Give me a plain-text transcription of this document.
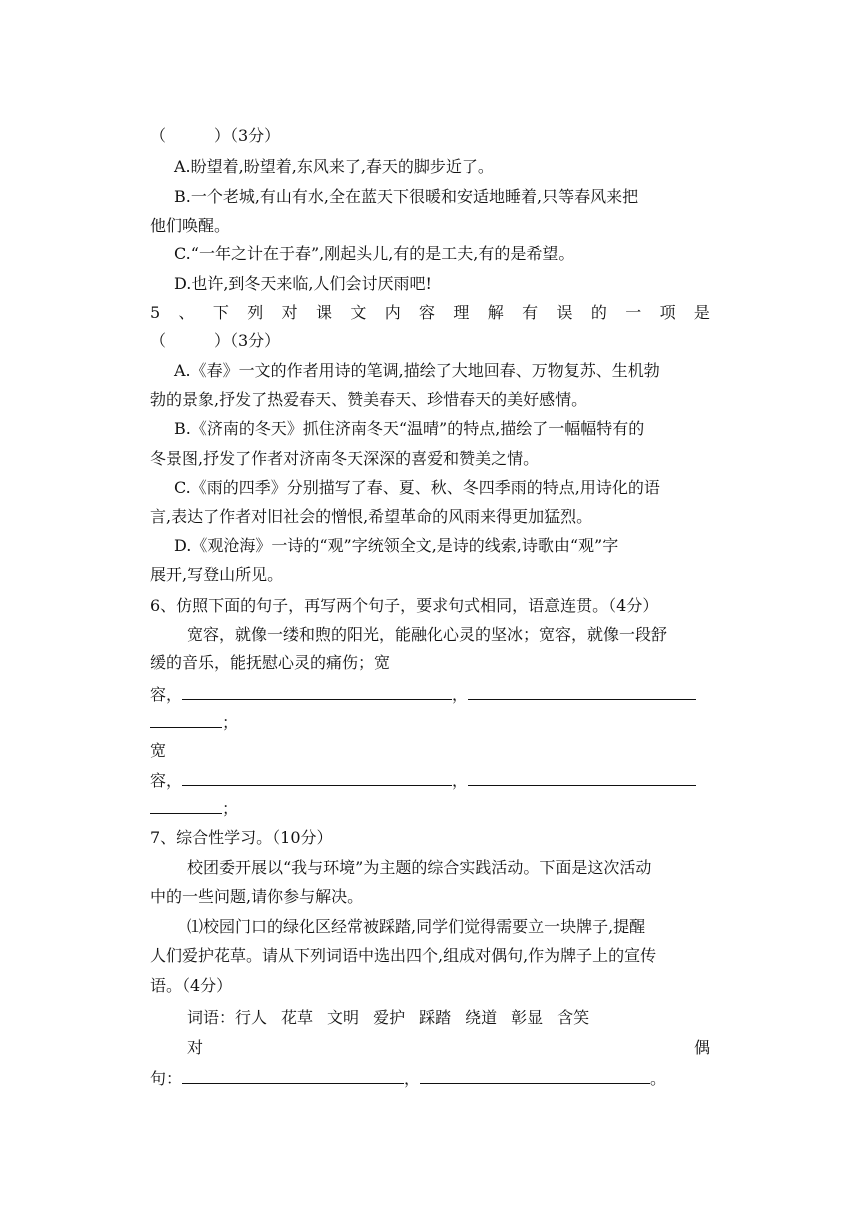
（　　　）（3分）
A.盼望着,盼望着,东风来了,春天的脚步近了。
B.一个老城,有山有水,全在蓝天下很暖和安适地睡着,只等春风来把
他们唤醒。
C.“一年之计在于春”,刚起头儿,有的是工夫,有的是希望。
D.也许,到冬天来临,人们会讨厌雨吧!
5 、 下 列 对 课 文 内 容 理 解 有 误 的 一 项 是
（　　　）（3分）
A.《春》一文的作者用诗的笔调,描绘了大地回春、万物复苏、生机勃
勃的景象,抒发了热爱春天、赞美春天、珍惜春天的美好感情。
B.《济南的冬天》抓住济南冬天“温晴”的特点,描绘了一幅幅特有的
冬景图,抒发了作者对济南冬天深深的喜爱和赞美之情。
C.《雨的四季》分别描写了春、夏、秋、冬四季雨的特点,用诗化的语
言,表达了作者对旧社会的憎恨,希望革命的风雨来得更加猛烈。
D.《观沧海》一诗的“观”字统领全文,是诗的线索,诗歌由“观”字
展开,写登山所见。
6、仿照下面的句子，再写两个句子，要求句式相同，语意连贯。（4分）
宽容，就像一缕和煦的阳光，能融化心灵的坚冰；宽容，就像一段舒
缓的音乐，能抚慰心灵的痛伤；宽
容，	，
；
宽
容，	，
；
7、综合性学习。（10分）
校团委开展以“我与环境”为主题的综合实践活动。下面是这次活动
中的一些问题,请你参与解决。
⑴校园门口的绿化区经常被踩踏,同学们觉得需要立一块牌子,提醒
人们爱护花草。请从下列词语中选出四个,组成对偶句,作为牌子上的宣传
语。（4分）
词语：行人 花草 文明 爱护 踩踏 绕道 彰显 含笑
对	偶
句：	，	。
